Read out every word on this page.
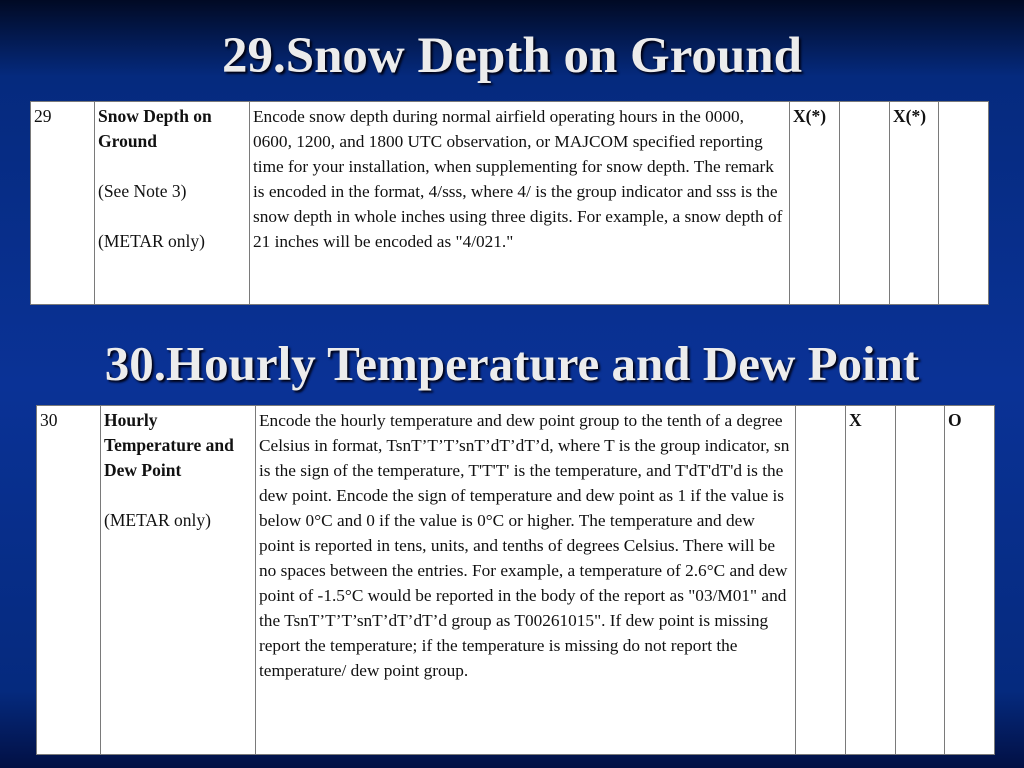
29.Snow Depth on Ground
29	Snow Depth on Ground
(See Note 3)
(METAR only)
	Encode snow depth during normal airfield operating hours in the 0000, 0600, 1200, and 1800 UTC observation, or MAJCOM specified reporting time for your installation, when supplementing for snow depth. The remark is encoded in the format, 4/sss, where 4/ is the group indicator and sss is the snow depth in whole inches using three digits. For example, a snow depth of 21 inches will be encoded as "4/021."	X(*)		X(*)	
30.Hourly Temperature and Dew Point
30	Hourly Temperature and Dew Point
(METAR only)
	Encode the hourly temperature and dew point group to the tenth of a degree Celsius in format, TsnT’T’T’snT’dT’dT’d, where T is the group indicator, sn is the sign of the temperature, T'T'T' is the temperature, and T'dT'dT'd is the dew point. Encode the sign of temperature and dew point as 1 if the value is below 0°C and 0 if the value is 0°C or higher. The temperature and dew point is reported in tens, units, and tenths of degrees Celsius. There will be no spaces between the entries. For example, a temperature of 2.6°C and dew point of -1.5°C would be reported in the body of the report as "03/M01" and the TsnT’T’T’snT’dT’dT’d group as T00261015". If dew point is missing report the temperature; if the temperature is missing do not report the temperature/ dew point group.		X		O
